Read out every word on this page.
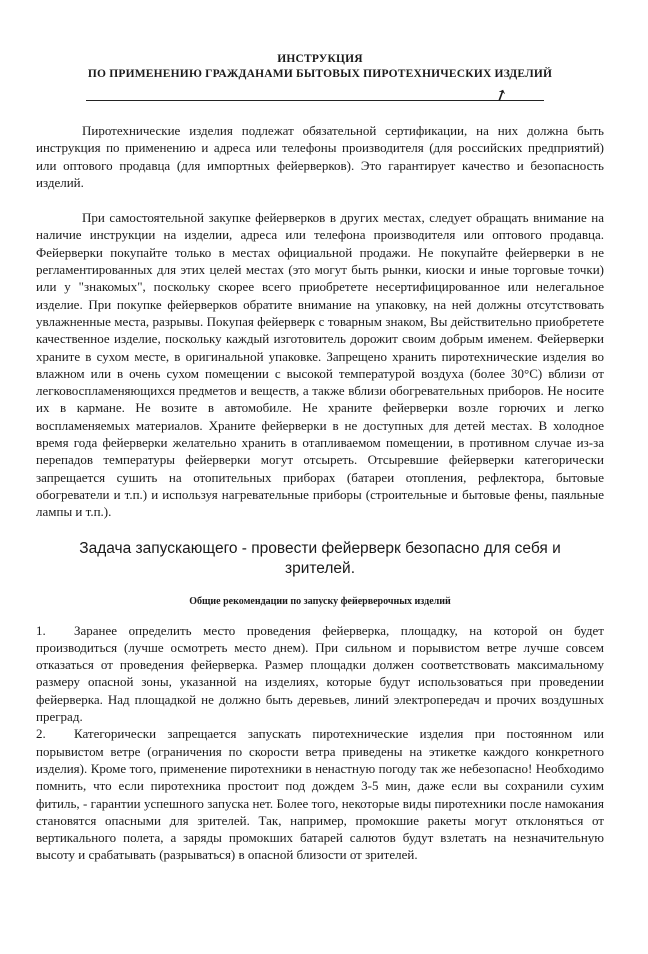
ИНСТРУКЦИЯ
ПО ПРИМЕНЕНИЮ ГРАЖДАНАМИ БЫТОВЫХ ПИРОТЕХНИЧЕСКИХ ИЗДЕЛИЙ
↗

Пиротехнические изделия подлежат обязательной сертификации, на них должна быть инструкция по применению и адреса или телефоны производителя (для российских предприятий) или оптового продавца (для импортных фейерверков). Это гарантирует качество и безопасность изделий.

При самостоятельной закупке фейерверков в других местах, следует обращать внимание на наличие инструкции на изделии, адреса или телефона производителя или оптового продавца. Фейерверки покупайте только в местах официальной продажи. Не покупайте фейерверки в не регламентированных для этих целей местах (это могут быть рынки, киоски и иные торговые точки) или у "знакомых", поскольку скорее всего приобретете несертифицированное или нелегальное изделие. При покупке фейерверков обратите внимание на упаковку, на ней должны отсутствовать увлажненные места, разрывы. Покупая фейерверк с товарным знаком, Вы действительно приобретете качественное изделие, поскольку каждый изготовитель дорожит своим добрым именем. Фейерверки храните в сухом месте, в оригинальной упаковке. Запрещено хранить пиротехнические изделия во влажном или в очень сухом помещении с высокой температурой воздуха (более 30°С) вблизи от легковоспламеняющихся предметов и веществ, а также вблизи обогревательных приборов. Не носите их в кармане. Не возите в автомобиле. Не храните фейерверки возле горючих и легко воспламеняемых материалов. Храните фейерверки в не доступных для детей местах. В холодное время года фейерверки желательно хранить в отапливаемом помещении, в противном случае из-за перепадов температуры фейерверки могут отсыреть. Отсыревшие фейерверки категорически запрещается сушить на отопительных приборах (батареи отопления, рефлектора, бытовые обогреватели и т.п.) и используя нагревательные приборы (строительные и бытовые фены, паяльные лампы и т.п.).

Задача запускающего - провести фейерверк безопасно для себя и зрителей.
Общие рекомендации по запуску фейерверочных изделий

1. Заранее определить место проведения фейерверка, площадку, на которой он будет производиться (лучше осмотреть место днем). При сильном и порывистом ветре лучше совсем отказаться от проведения фейерверка. Размер площадки должен соответствовать максимальному размеру опасной зоны, указанной на изделиях, которые будут использоваться при проведении фейерверка. Над площадкой не должно быть деревьев, линий электропередач и прочих воздушных преград.

2. Категорически запрещается запускать пиротехнические изделия при постоянном или порывистом ветре (ограничения по скорости ветра приведены на этикетке каждого конкретного изделия). Кроме того, применение пиротехники в ненастную погоду так же небезопасно! Необходимо помнить, что если пиротехника простоит под дождем 3-5 мин, даже если вы сохранили сухим фитиль, - гарантии успешного запуска нет. Более того, некоторые виды пиротехники после намокания становятся опасными для зрителей. Так, например, промокшие ракеты могут отклоняться от вертикального полета, а заряды промокших батарей салютов будут взлетать на незначительную высоту и срабатывать (разрываться) в опасной близости от зрителей.
